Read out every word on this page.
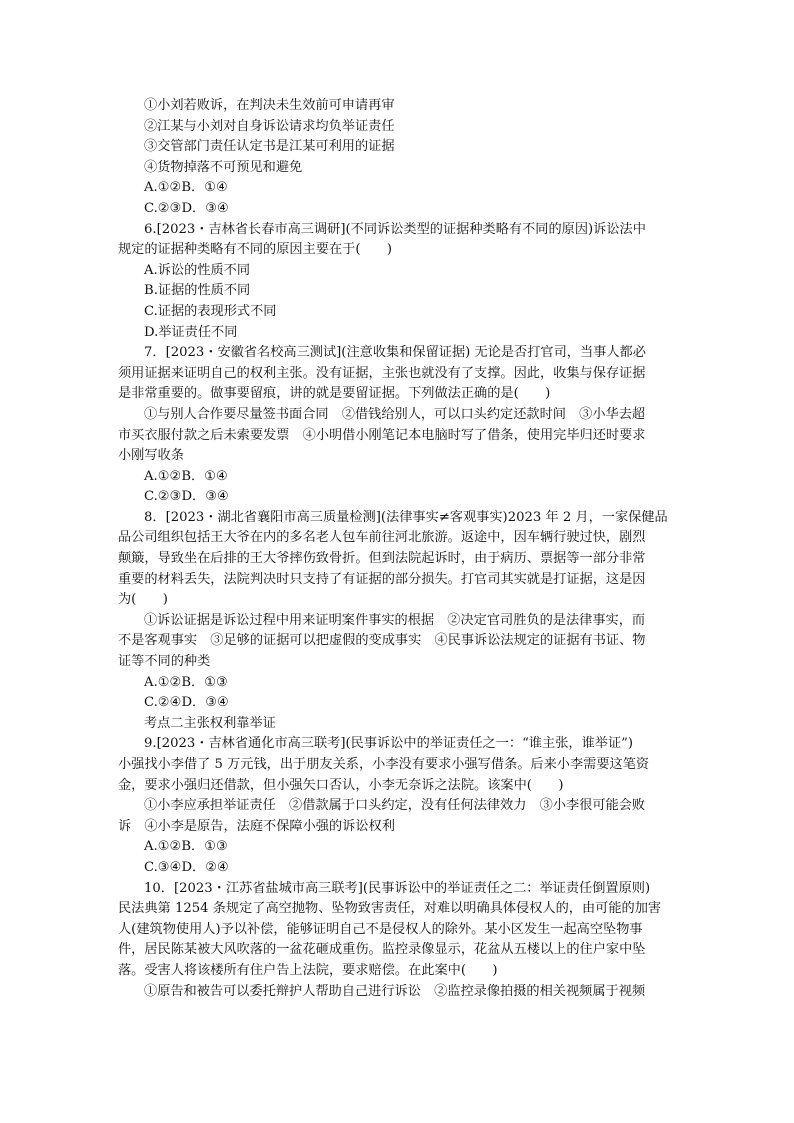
①小刘若败诉，在判决未生效前可申请再审
②江某与小刘对自身诉讼请求均负举证责任
③交管部门责任认定书是江某可利用的证据
④货物掉落不可预见和避免
A.①②B．①④
C.②③D．③④
6.[2023・吉林省长春市高三调研](不同诉讼类型的证据种类略有不同的原因)诉讼法中
规定的证据种类略有不同的原因主要在于(　　)
A.诉讼的性质不同
B.证据的性质不同
C.证据的表现形式不同
D.举证责任不同
7．[2023・安徽省名校高三测试](注意收集和保留证据) 无论是否打官司，当事人都必
须用证据来证明自己的权利主张。没有证据，主张也就没有了支撑。因此，收集与保存证据
是非常重要的。做事要留痕，讲的就是要留证据。下列做法正确的是(　　)
①与别人合作要尽量签书面合同　②借钱给别人，可以口头约定还款时间　③小华去超
市买衣服付款之后未索要发票　④小明借小刚笔记本电脑时写了借条，使用完毕归还时要求
小刚写收条
A.①②B．①④
C.②③D．③④
8．[2023・湖北省襄阳市高三质量检测](法律事实≠客观事实)2023 年 2 月，一家保健品
品公司组织包括王大爷在内的多名老人包车前往河北旅游。返途中，因车辆行驶过快，剧烈
颠簸，导致坐在后排的王大爷摔伤致骨折。但到法院起诉时，由于病历、票据等一部分非常
重要的材料丢失，法院判决时只支持了有证据的部分损失。打官司其实就是打证据，这是因
为(　　)
①诉讼证据是诉讼过程中用来证明案件事实的根据　②决定官司胜负的是法律事实，而
不是客观事实　③足够的证据可以把虚假的变成事实　④民事诉讼法规定的证据有书证、物
证等不同的种类
A.①②B．①③
C.②④D．③④
考点二主张权利靠举证
9.[2023・吉林省通化市高三联考](民事诉讼中的举证责任之一：“谁主张，谁举证”)
小强找小李借了 5 万元钱，出于朋友关系，小李没有要求小强写借条。后来小李需要这笔资
金，要求小强归还借款，但小强矢口否认，小李无奈诉之法院。该案中(　　)
①小李应承担举证责任　②借款属于口头约定，没有任何法律效力　③小李很可能会败
诉　④小李是原告，法庭不保障小强的诉讼权利
A.①②B．①③
C.③④D．②④
10．[2023・江苏省盐城市高三联考](民事诉讼中的举证责任之二：举证责任倒置原则)
民法典第 1254 条规定了高空抛物、坠物致害责任，对难以明确具体侵权人的，由可能的加害
人(建筑物使用人)予以补偿，能够证明自己不是侵权人的除外。某小区发生一起高空坠物事
件，居民陈某被大风吹落的一盆花砸成重伤。监控录像显示，花盆从五楼以上的住户家中坠
落。受害人将该楼所有住户告上法院，要求赔偿。在此案中(　　)
①原告和被告可以委托辩护人帮助自己进行诉讼　②监控录像拍摄的相关视频属于视频
